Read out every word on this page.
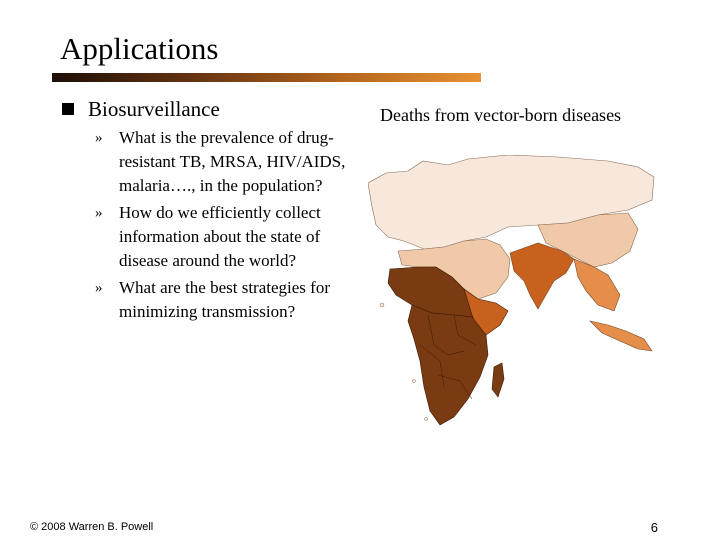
Applications
Biosurveillance
» What is the prevalence of drug-resistant TB, MRSA, HIV/AIDS, malaria…., in the population?
» How do we efficiently collect information about the state of disease around the world?
» What are the best strategies for minimizing transmission?
Deaths from vector-born diseases
© 2008 Warren B. Powell	6
